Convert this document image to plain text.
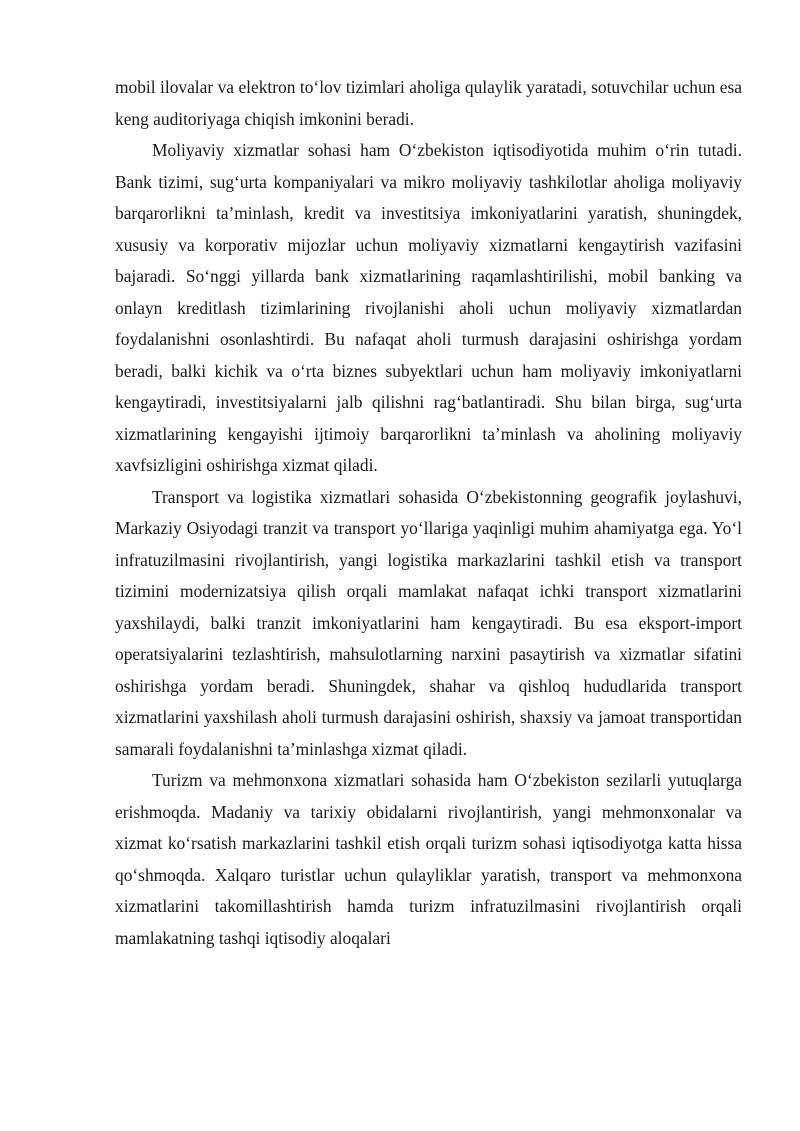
mobil ilovalar va elektron to‘lov tizimlari aholiga qulaylik yaratadi, sotuvchilar uchun esa keng auditoriyaga chiqish imkonini beradi.

Moliyaviy xizmatlar sohasi ham O‘zbekiston iqtisodiyotida muhim o‘rin tutadi. Bank tizimi, sug‘urta kompaniyalari va mikro moliyaviy tashkilotlar aholiga moliyaviy barqarorlikni ta’minlash, kredit va investitsiya imkoniyatlarini yaratish, shuningdek, xususiy va korporativ mijozlar uchun moliyaviy xizmatlarni kengaytirish vazifasini bajaradi. So‘nggi yillarda bank xizmatlarining raqamlashtirilishi, mobil banking va onlayn kreditlash tizimlarining rivojlanishi aholi uchun moliyaviy xizmatlardan foydalanishni osonlashtirdi. Bu nafaqat aholi turmush darajasini oshirishga yordam beradi, balki kichik va o‘rta biznes subyektlari uchun ham moliyaviy imkoniyatlarni kengaytiradi, investitsiyalarni jalb qilishni rag‘batlantiradi. Shu bilan birga, sug‘urta xizmatlarining kengayishi ijtimoiy barqarorlikni ta’minlash va aholining moliyaviy xavfsizligini oshirishga xizmat qiladi.

Transport va logistika xizmatlari sohasida O‘zbekistonning geografik joylashuvi, Markaziy Osiyodagi tranzit va transport yo‘llariga yaqinligi muhim ahamiyatga ega. Yo‘l infratuzilmasini rivojlantirish, yangi logistika markazlarini tashkil etish va transport tizimini modernizatsiya qilish orqali mamlakat nafaqat ichki transport xizmatlarini yaxshilaydi, balki tranzit imkoniyatlarini ham kengaytiradi. Bu esa eksport-import operatsiyalarini tezlashtirish, mahsulotlarning narxini pasaytirish va xizmatlar sifatini oshirishga yordam beradi. Shuningdek, shahar va qishloq hududlarida transport xizmatlarini yaxshilash aholi turmush darajasini oshirish, shaxsiy va jamoat transportidan samarali foydalanishni ta’minlashga xizmat qiladi.

Turizm va mehmonxona xizmatlari sohasida ham O‘zbekiston sezilarli yutuqlarga erishmoqda. Madaniy va tarixiy obidalarni rivojlantirish, yangi mehmonxonalar va xizmat ko‘rsatish markazlarini tashkil etish orqali turizm sohasi iqtisodiyotga katta hissa qo‘shmoqda. Xalqaro turistlar uchun qulayliklar yaratish, transport va mehmonxona xizmatlarini takomillashtirish hamda turizm infratuzilmasini rivojlantirish orqali mamlakatning tashqi iqtisodiy aloqalari
